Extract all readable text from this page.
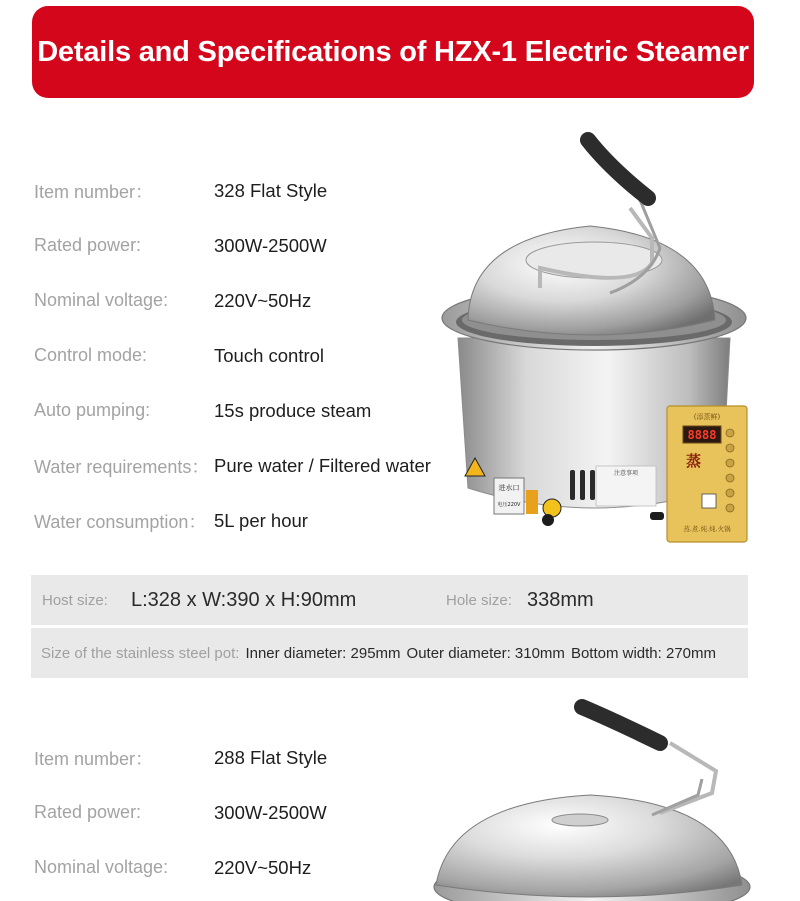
Details and Specifications of HZX-1 Electric Steamer
Item number：	328 Flat Style
Rated power:	300W-2500W
Nominal voltage:	220V~50Hz
Control mode:	Touch control
Auto pumping:	15s produce steam
Water requirements： Pure water / Filtered water
Water consumption： 5L per hour
进水口
电压220V
注意事项
(添蒸鲜)
8888
蒸
蒸.煮.炖.炖.火锅
Host size:	L:328 x W:390 x H:90mm	Hole size: 338mm
Size of the stainless steel pot: Inner diameter: 295mm Outer diameter: 310mm Bottom width: 270mm
Item number：	288 Flat Style
Rated power:	300W-2500W
Nominal voltage:	220V~50Hz
